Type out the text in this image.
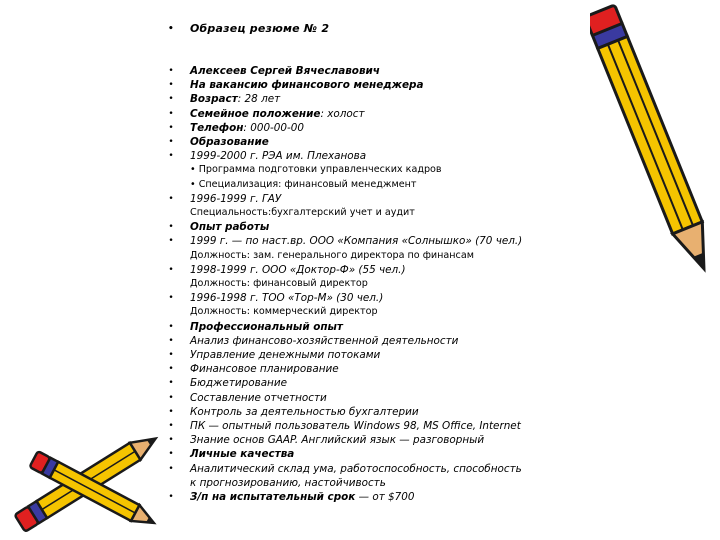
• Образец резюме № 2
• Алексеев Сергей Вячеславович
• На вакансию финансового менеджера
• Возраст: 28 лет
• Семейное положение: холост
• Телефон: 000-00-00
• Образование
• 1999-2000 г. РЭА им. Плеханова
• Программа подготовки управленческих кадров
• Специализация: финансовый менеджмент
• 1996-1999 г. ГАУ
Специальность:бухгалтерский учет и аудит
• Опыт работы
• 1999 г. — по наст.вр. ООО «Компания «Солнышко» (70 чел.)
Должность: зам. генерального директора по финансам
• 1998-1999 г. ООО «Доктор-Ф» (55 чел.)
Должность: финансовый директор
• 1996-1998 г. ТОО «Тор-М» (30 чел.)
Должность: коммерческий директор
• Профессиональный опыт
• Анализ финансово-хозяйственной деятельности
• Управление денежными потоками
• Финансовое планирование
• Бюджетирование
• Составление отчетности
• Контроль за деятельностью бухгалтерии
• ПК — опытный пользователь Windows 98, MS Office, Internet
• Знание основ GAAP. Английский язык — разговорный
• Личные качества
• Аналитический склад ума, работоспособность, способность
к прогнозированию, настойчивость
• З/п на испытательный срок — от $700
